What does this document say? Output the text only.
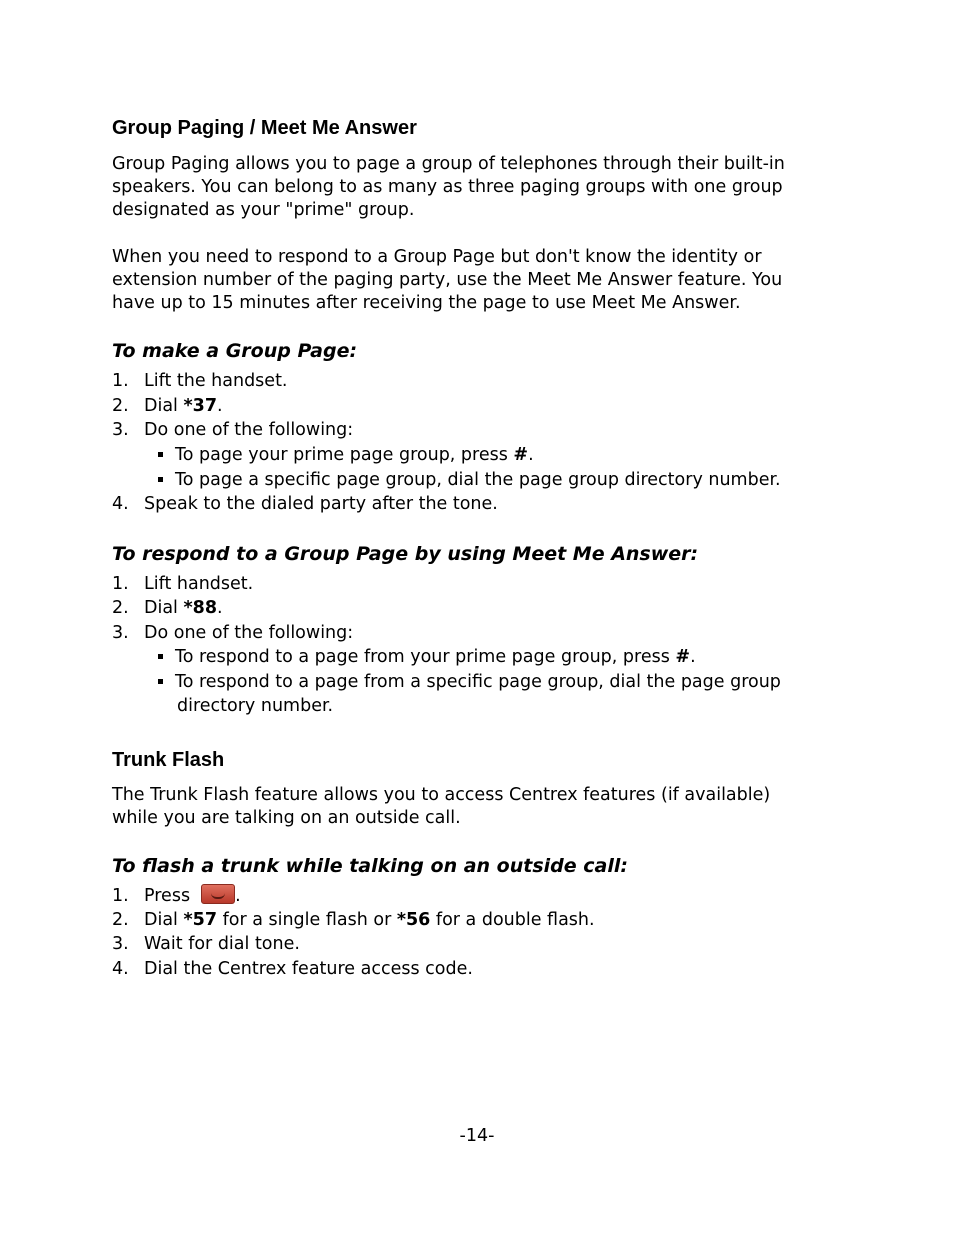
Group Paging / Meet Me Answer

Group Paging allows you to page a group of telephones through their built-in
speakers. You can belong to as many as three paging groups with one group
designated as your "prime" group.

When you need to respond to a Group Page but don't know the identity or
extension number of the paging party, use the Meet Me Answer feature. You
have up to 15 minutes after receiving the page to use Meet Me Answer.

To make a Group Page:
1. Lift the handset.
2. Dial *37.
3. Do one of the following:
To page your prime page group, press #.
To page a specific page group, dial the page group directory number.
4. Speak to the dialed party after the tone.
To respond to a Group Page by using Meet Me Answer:
1. Lift handset.
2. Dial *88.
3. Do one of the following:
To respond to a page from your prime page group, press #.
To respond to a page from a specific page group, dial the page group
directory number.
Trunk Flash

The Trunk Flash feature allows you to access Centrex features (if available)
while you are talking on an outside call.

To flash a trunk while talking on an outside call:
1. Press	.
2. Dial *57 for a single flash or *56 for a double flash.
3. Wait for dial tone.
4. Dial the Centrex feature access code.
-14-
